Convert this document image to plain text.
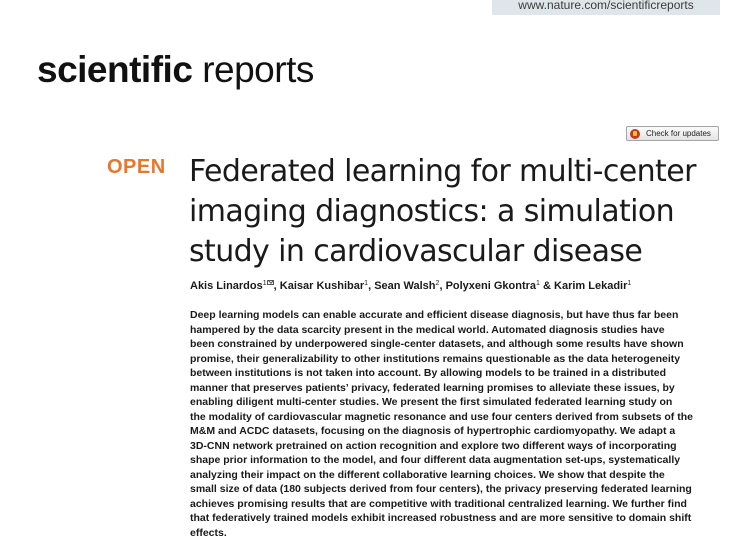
www.nature.com/scientificreports
scientific reports
Check for updates
OPEN Federated learning for multi-center imaging diagnostics: a simulation study in cardiovascular disease
Akis Linardos$^1$ , Kaisar Kushibar$^1$, Sean Walsh$^2$, Polyxeni Gkontra$^1$ & Karim Lekadir$^1$

Deep learning models can enable accurate and efficient disease diagnosis, but have thus far been
hampered by the data scarcity present in the medical world. Automated diagnosis studies have
been constrained by underpowered single-center datasets, and although some results have shown
promise, their generalizability to other institutions remains questionable as the data heterogeneity
between institutions is not taken into account. By allowing models to be trained in a distributed
manner that preserves patients’ privacy, federated learning promises to alleviate these issues, by
enabling diligent multi-center studies. We present the first simulated federated learning study on
the modality of cardiovascular magnetic resonance and use four centers derived from subsets of the
M&M and ACDC datasets, focusing on the diagnosis of hypertrophic cardiomyopathy. We adapt a
3D-CNN network pretrained on action recognition and explore two different ways of incorporating
shape prior information to the model, and four different data augmentation set-ups, systematically
analyzing their impact on the different collaborative learning choices. We show that despite the
small size of data (180 subjects derived from four centers), the privacy preserving federated learning
achieves promising results that are competitive with traditional centralized learning. We further find
that federatively trained models exhibit increased robustness and are more sensitive to domain shift
effects.
